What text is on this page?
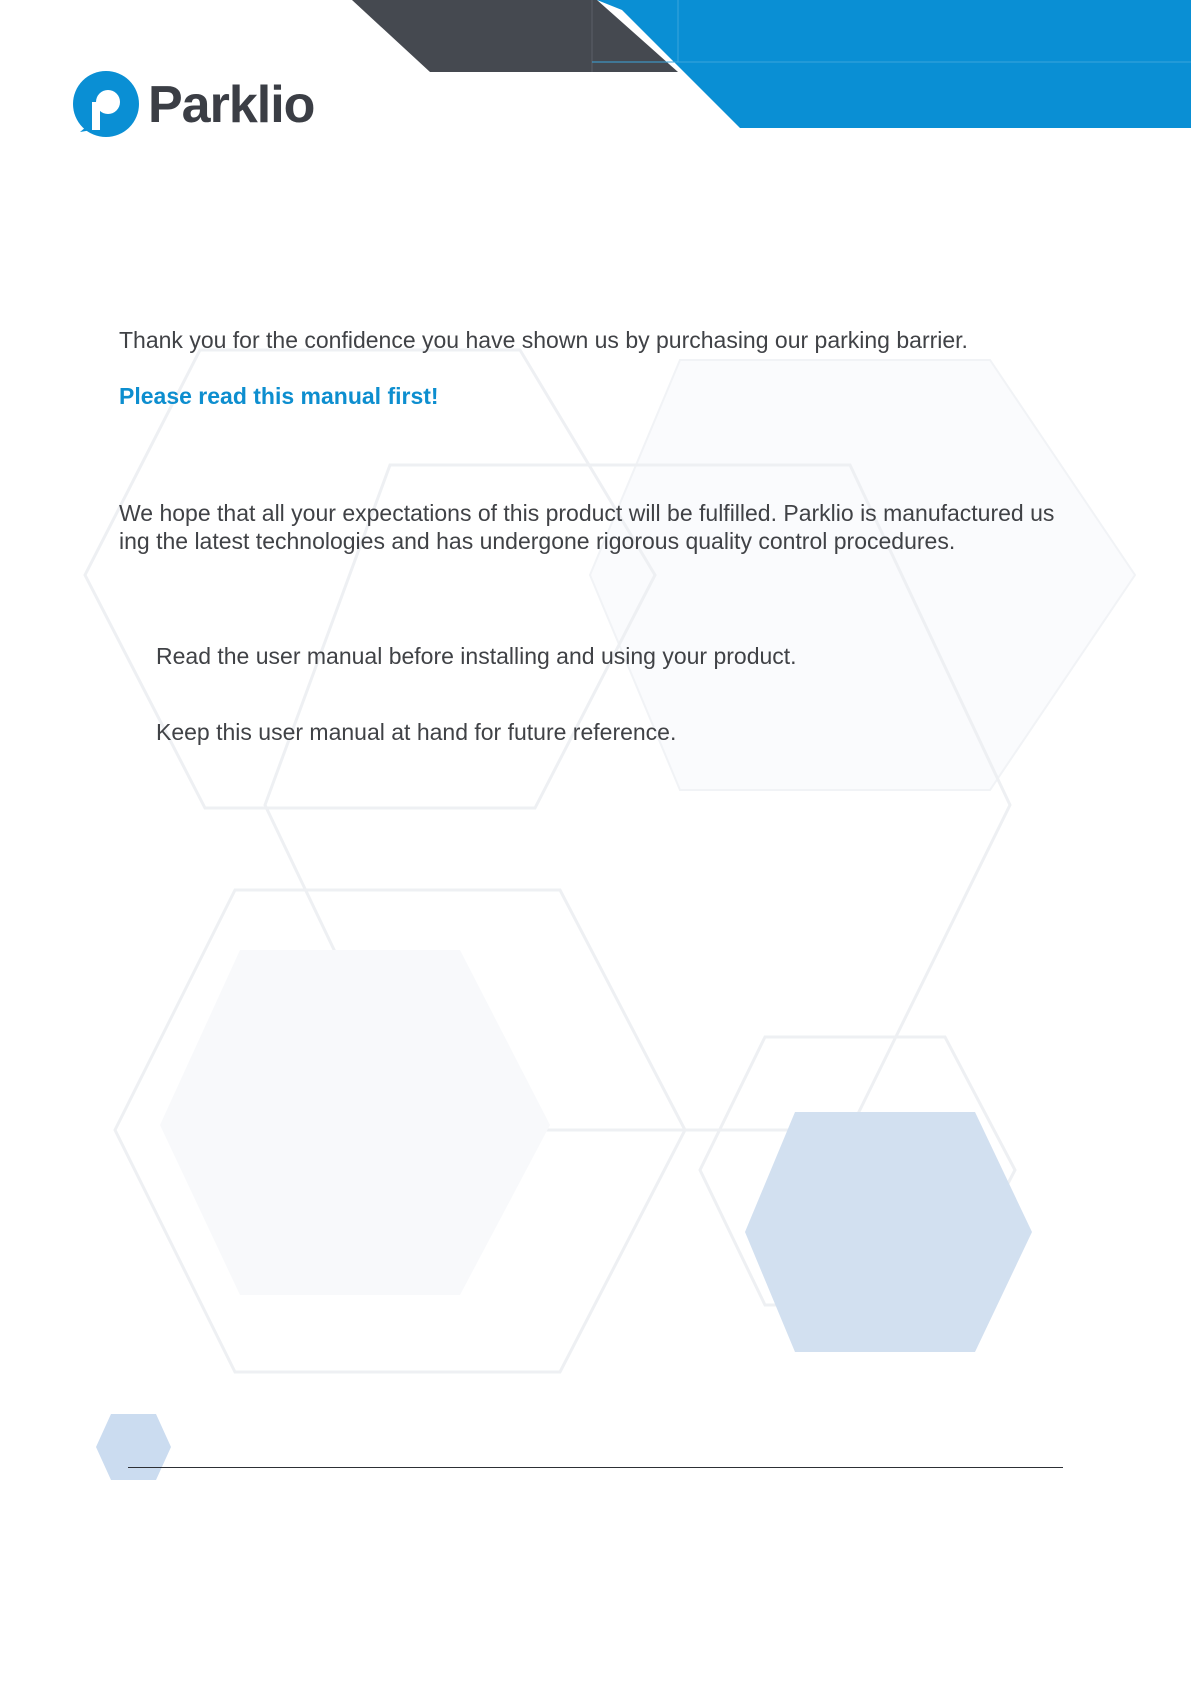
Parklio
Thank you for the confidence you have shown us by purchasing our parking barrier.
Please read this manual first!
We hope that all your expectations of this product will be fulfilled. Parklio is manufactured us
ing the latest technologies and has undergone rigorous quality control procedures.
Read the user manual before installing and using your product.
Keep this user manual at hand for future reference.
